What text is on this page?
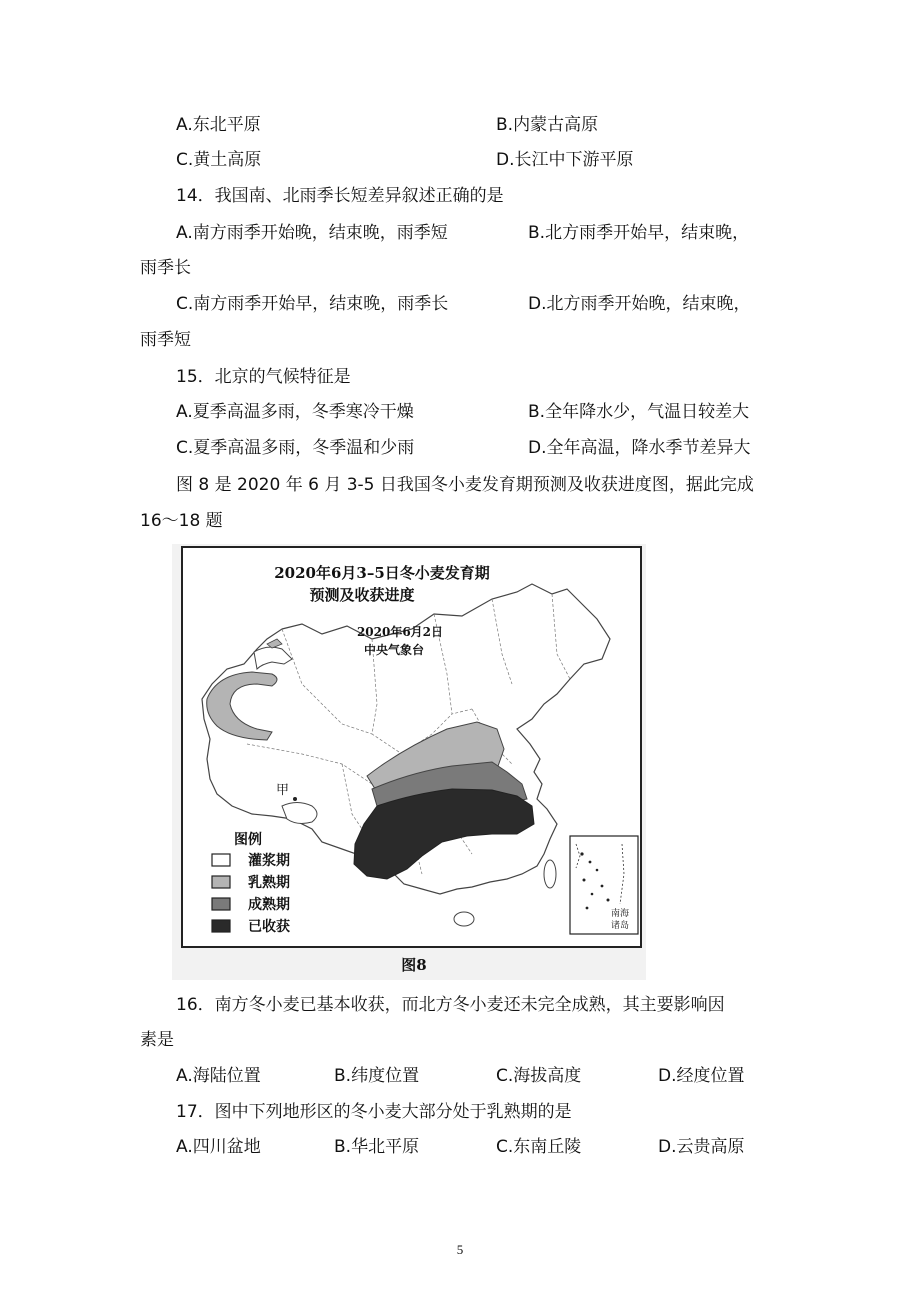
A.东北平原	B.内蒙古高原
C.黄土高原	D.长江中下游平原
14．我国南、北雨季长短差异叙述正确的是
A.南方雨季开始晚，结束晚，雨季短	B.北方雨季开始早，结束晚，
雨季长
C.南方雨季开始早，结束晚，雨季长	D.北方雨季开始晚，结束晚，
雨季短
15．北京的气候特征是
A.夏季高温多雨，冬季寒冷干燥	B.全年降水少，气温日较差大
C.夏季高温多雨，冬季温和少雨	D.全年高温，降水季节差异大
图 8 是 2020 年 6 月 3-5 日我国冬小麦发育期预测及收获进度图，据此完成
16～18 题
2020年6月3–5日冬小麦发育期
预测及收获进度
2020年6月2日
中央气象台
甲
图例
灌浆期
乳熟期
成熟期
已收获
南海
诸岛
图8
16．南方冬小麦已基本收获，而北方冬小麦还未完全成熟，其主要影响因
素是
A.海陆位置	B.纬度位置	C.海拔高度	D.经度位置
17．图中下列地形区的冬小麦大部分处于乳熟期的是
A.四川盆地	B.华北平原	C.东南丘陵	D.云贵高原
5
